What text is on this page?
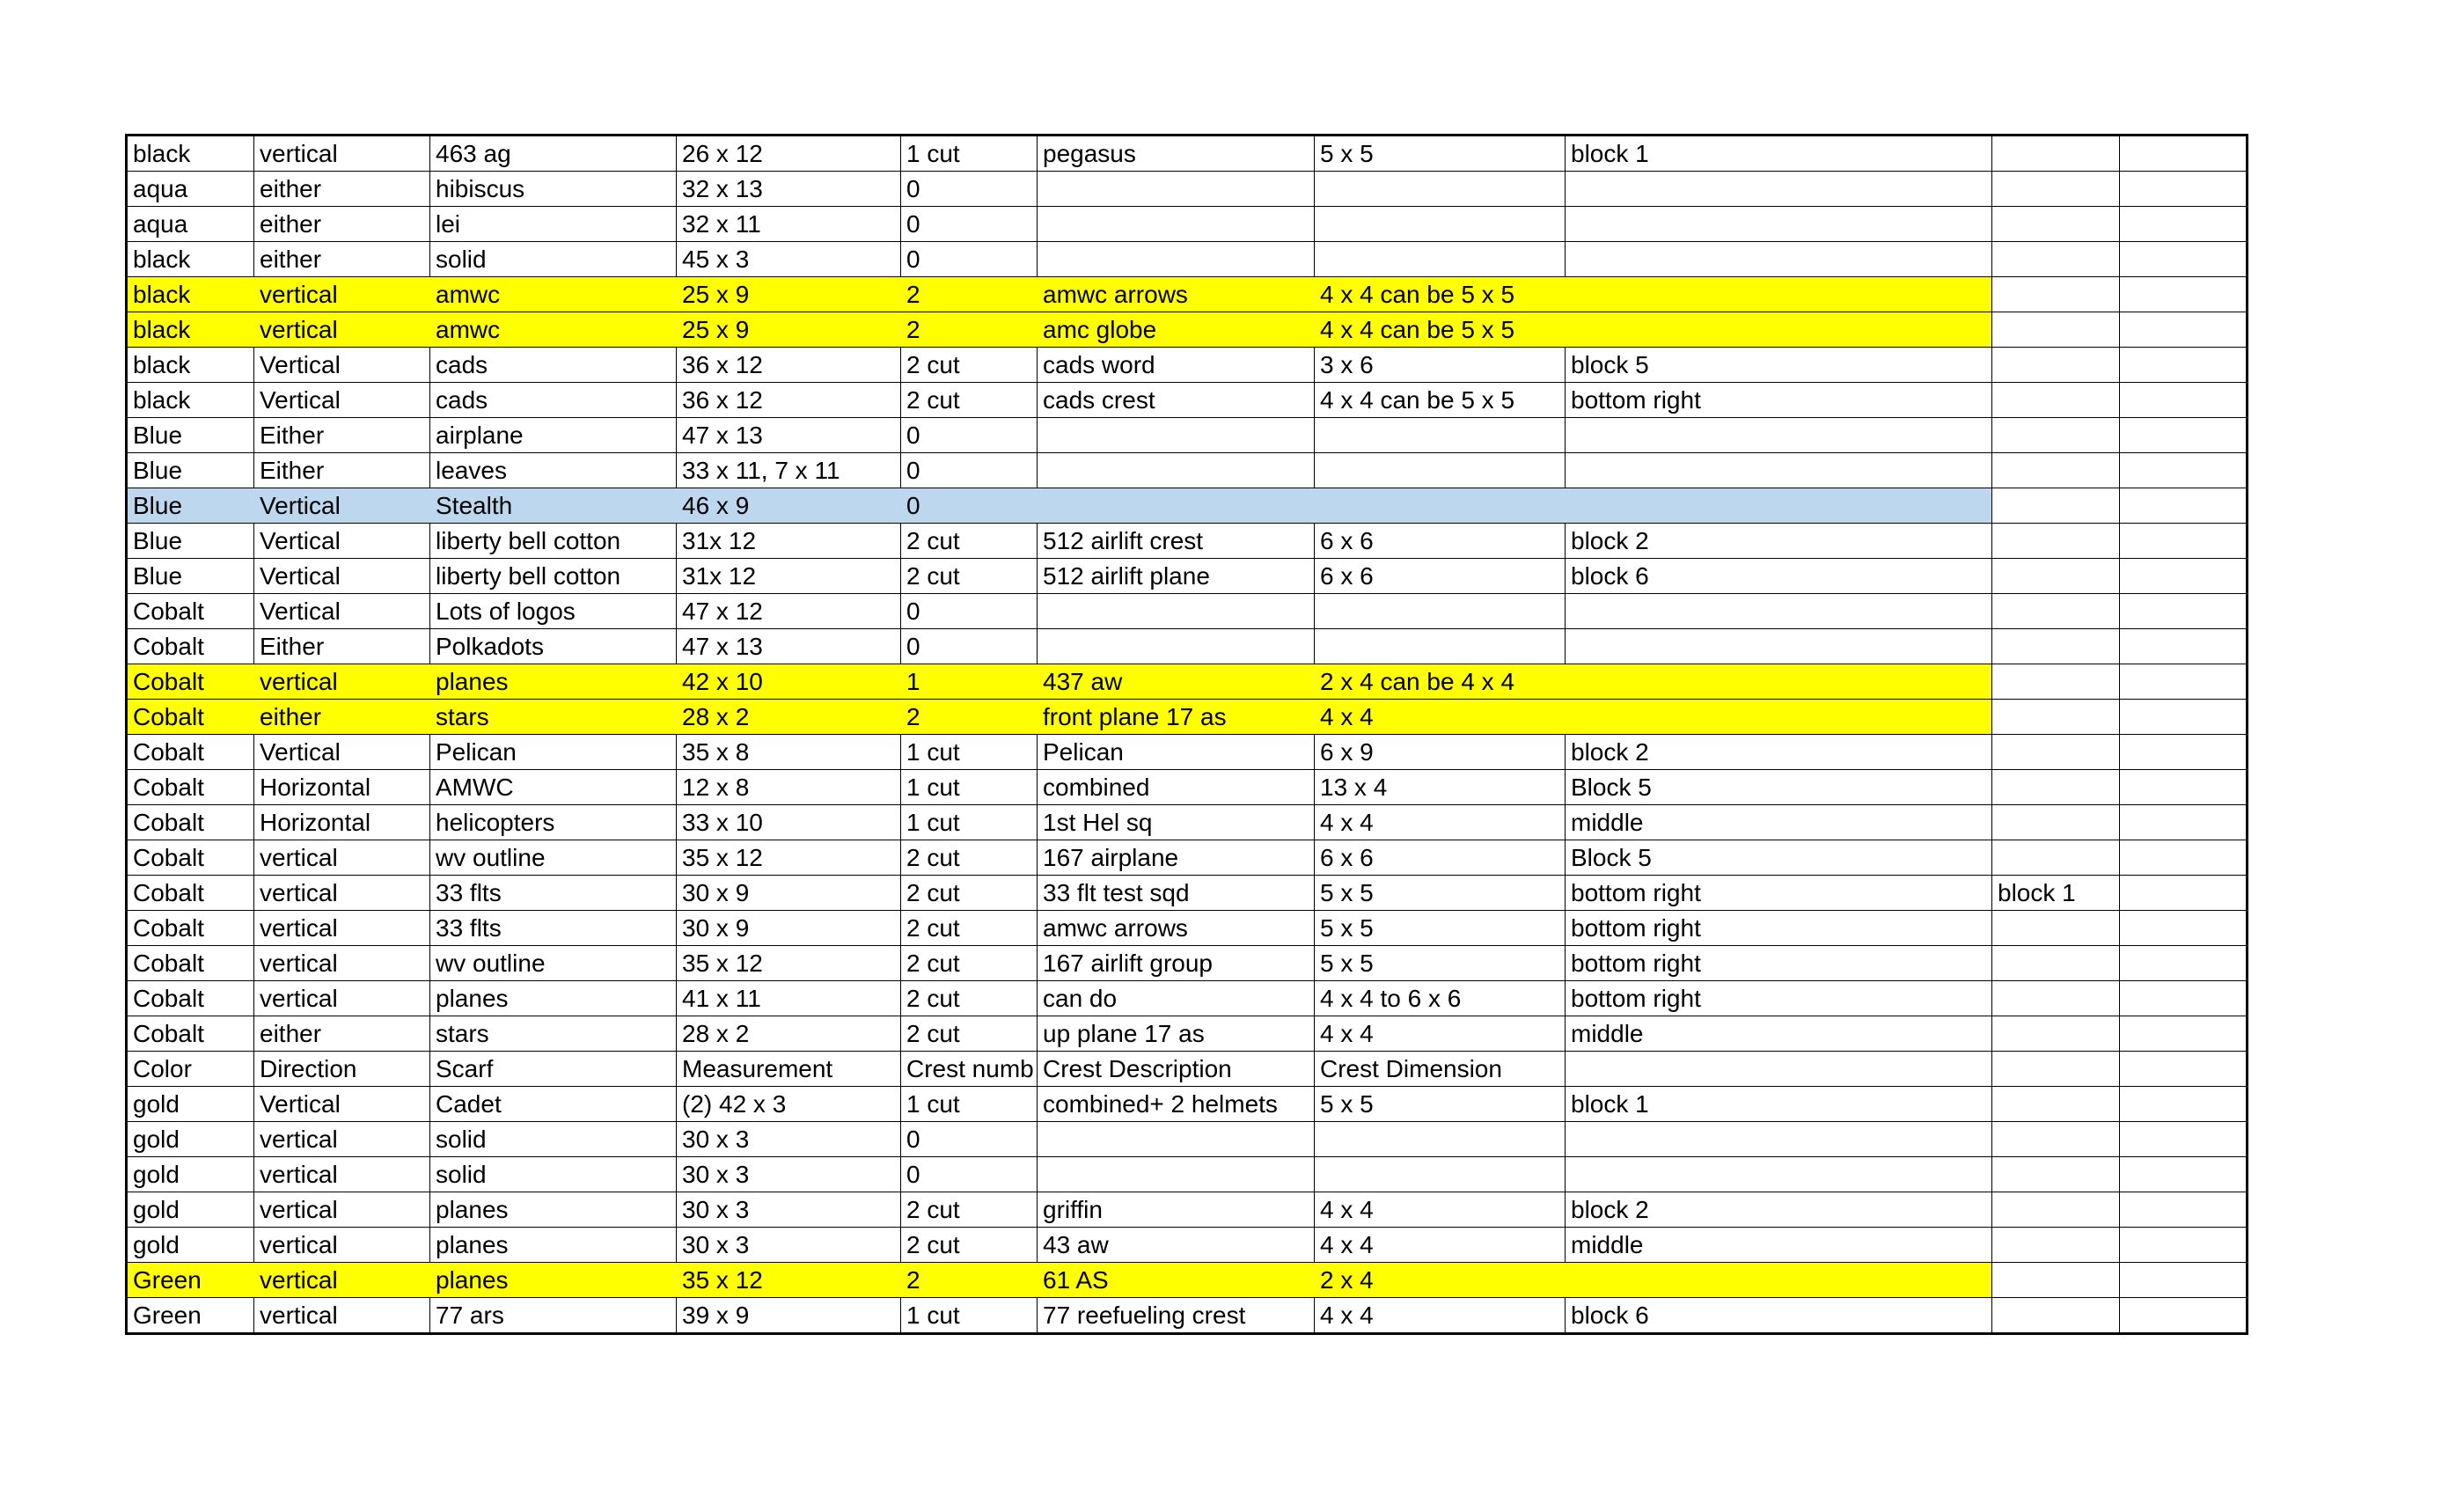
black	vertical	463 ag	26 x 12	1 cut	pegasus	5 x 5	block 1		
aqua	either	hibiscus	32 x 13	0					
aqua	either	lei	32 x 11	0					
black	either	solid	45 x 3	0					
black	vertical	amwc	25 x 9	2	amwc arrows	4 x 4 can be 5 x 5			
black	vertical	amwc	25 x 9	2	amc globe	4 x 4 can be 5 x 5			
black	Vertical	cads	36 x 12	2 cut	cads word	3 x 6	block 5		
black	Vertical	cads	36 x 12	2 cut	cads crest	4 x 4 can be 5 x 5	bottom right		
Blue	Either	airplane	47 x 13	0					
Blue	Either	leaves	33 x 11, 7 x 11	0					
Blue	Vertical	Stealth	46 x 9	0					
Blue	Vertical	liberty bell cotton	31x 12	2 cut	512 airlift crest	6 x 6	block 2		
Blue	Vertical	liberty bell cotton	31x 12	2 cut	512 airlift plane	6 x 6	block 6		
Cobalt	Vertical	Lots of logos	47 x 12	0					
Cobalt	Either	Polkadots	47 x 13	0					
Cobalt	vertical	planes	42 x 10	1	437 aw	2 x 4 can be 4 x 4			
Cobalt	either	stars	28 x 2	2	front plane 17 as	4 x 4			
Cobalt	Vertical	Pelican	35 x 8	1 cut	Pelican	6 x 9	block 2		
Cobalt	Horizontal	AMWC	12 x 8	1 cut	combined	13 x 4	Block 5		
Cobalt	Horizontal	helicopters	33 x 10	1 cut	1st Hel sq	4 x 4	middle		
Cobalt	vertical	wv outline	35 x 12	2 cut	167 airplane	6 x 6	Block 5		
Cobalt	vertical	33 flts	30 x 9	2 cut	33 flt test sqd	5 x 5	bottom right	block 1	
Cobalt	vertical	33 flts	30 x 9	2 cut	amwc arrows	5 x 5	bottom right		
Cobalt	vertical	wv outline	35 x 12	2 cut	167 airlift group	5 x 5	bottom right		
Cobalt	vertical	planes	41 x 11	2 cut	can do	4 x 4 to 6 x 6	bottom right		
Cobalt	either	stars	28 x 2	2 cut	up plane 17 as	4 x 4	middle		
Color	Direction	Scarf	Measurement	Crest numb	Crest Description	Crest Dimension			
gold	Vertical	Cadet	(2) 42 x 3	1 cut	combined+ 2 helmets	5 x 5	block 1		
gold	vertical	solid	30 x 3	0					
gold	vertical	solid	30 x 3	0					
gold	vertical	planes	30 x 3	2 cut	griffin	4 x 4	block 2		
gold	vertical	planes	30 x 3	2 cut	43 aw	4 x 4	middle		
Green	vertical	planes	35 x 12	2	61 AS	2 x 4			
Green	vertical	77 ars	39 x 9	1 cut	77 reefueling crest	4 x 4	block 6		
